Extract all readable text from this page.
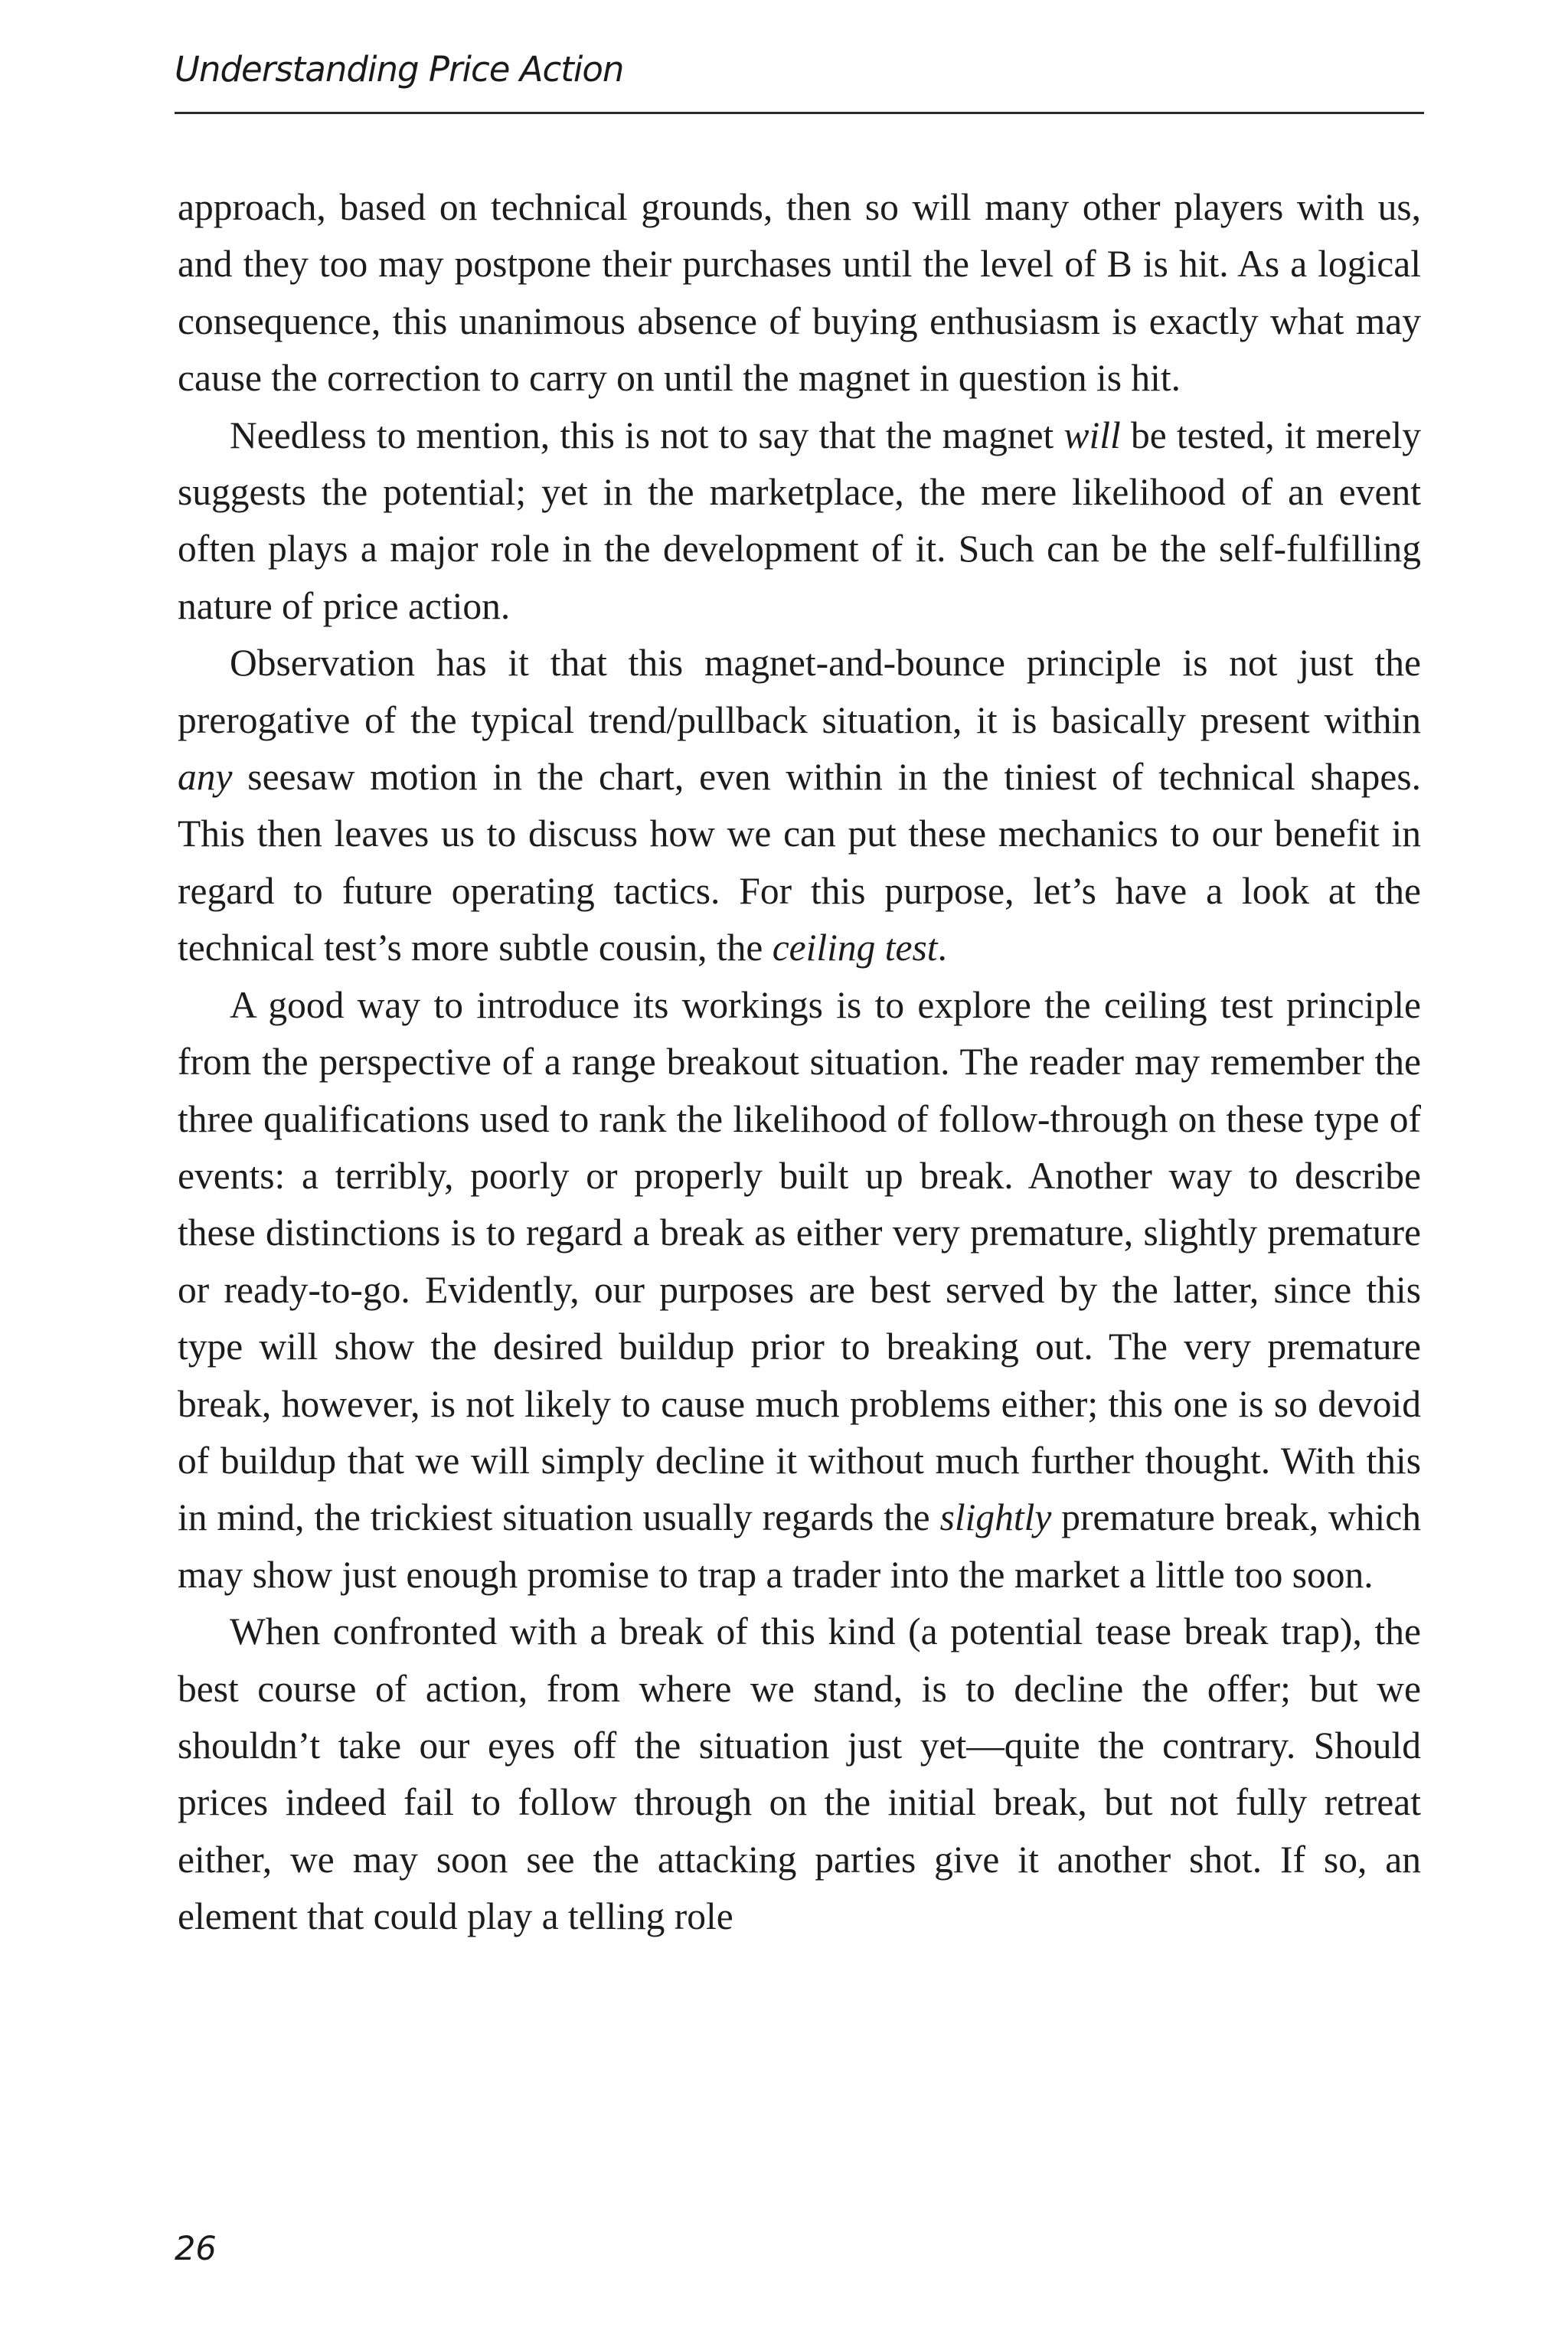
Understanding Price Action

approach, based on technical grounds, then so will many other players with us, and they too may postpone their purchases until the level of B is hit. As a logical consequence, this unanimous absence of buying enthusiasm is exactly what may cause the correction to carry on until the magnet in question is hit.

Needless to mention, this is not to say that the magnet will be tested, it merely suggests the potential; yet in the marketplace, the mere likelihood of an event often plays a major role in the development of it. Such can be the self-fulfilling nature of price action.

Observation has it that this magnet-and-bounce principle is not just the prerogative of the typical trend/pullback situation, it is basically present within any seesaw motion in the chart, even within in the tiniest of technical shapes. This then leaves us to discuss how we can put these mechanics to our benefit in regard to future operating tactics. For this purpose, let’s have a look at the technical test’s more subtle cousin, the ceiling test.

A good way to introduce its workings is to explore the ceiling test principle from the perspective of a range breakout situation. The reader may remember the three qualifications used to rank the likelihood of follow-through on these type of events: a terribly, poorly or properly built up break. Another way to describe these distinctions is to regard a break as either very premature, slightly premature or ready-to-go. Evidently, our purposes are best served by the latter, since this type will show the desired buildup prior to breaking out. The very premature break, however, is not likely to cause much problems either; this one is so devoid of buildup that we will simply decline it without much further thought. With this in mind, the trickiest situation usually regards the slightly premature break, which may show just enough promise to trap a trader into the market a little too soon.

When confronted with a break of this kind (a potential tease break trap), the best course of action, from where we stand, is to decline the offer; but we shouldn’t take our eyes off the situation just yet—quite the contrary. Should prices indeed fail to follow through on the initial break, but not fully retreat either, we may soon see the attacking parties give it another shot. If so, an element that could play a telling role

26
